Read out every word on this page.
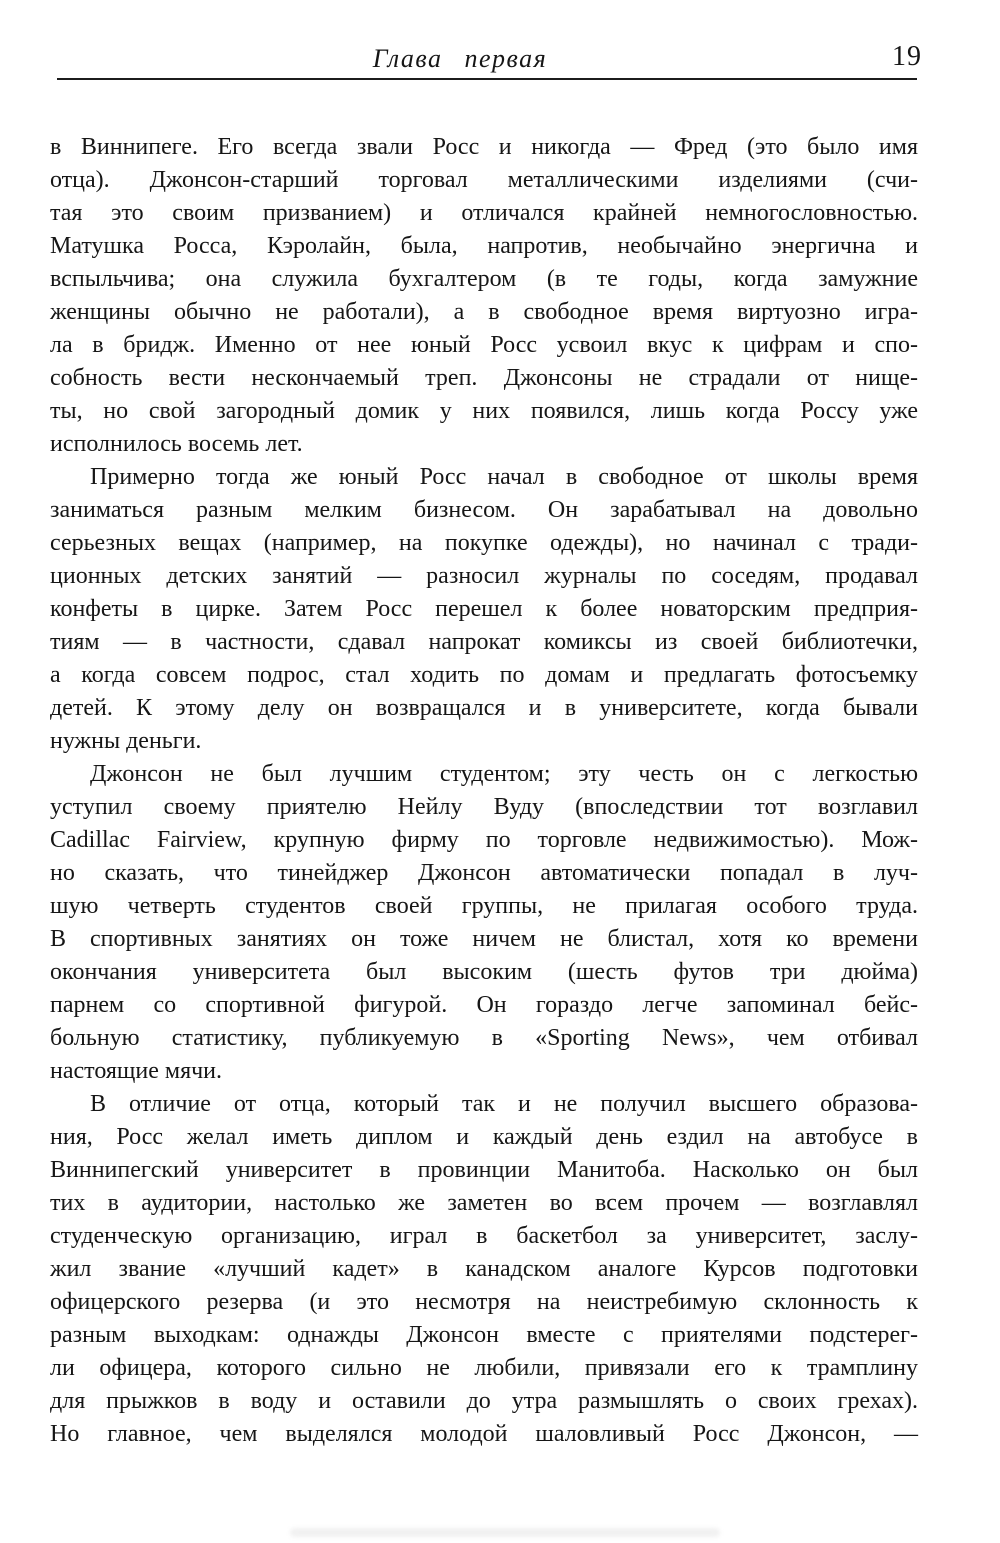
Глава первая	19
в Виннипеге. Его всегда звали Росс и никогда — Фред (это было имя
отца). Джонсон-старший торговал металлическими изделиями (счи-
тая это своим призванием) и отличался крайней немногословностью.
Матушка Росса, Кэролайн, была, напротив, необычайно энергична и
вспыльчива; она служила бухгалтером (в те годы, когда замужние
женщины обычно не работали), а в свободное время виртуозно игра-
ла в бридж. Именно от нее юный Росс усвоил вкус к цифрам и спо-
собность вести нескончаемый треп. Джонсоны не страдали от нище-
ты, но свой загородный домик у них появился, лишь когда Россу уже
исполнилось восемь лет.
Примерно тогда же юный Росс начал в свободное от школы время
заниматься разным мелким бизнесом. Он зарабатывал на довольно
серьезных вещах (например, на покупке одежды), но начинал с тради-
ционных детских занятий — разносил журналы по соседям, продавал
конфеты в цирке. Затем Росс перешел к более новаторским предприя-
тиям — в частности, сдавал напрокат комиксы из своей библиотечки,
а когда совсем подрос, стал ходить по домам и предлагать фотосъемку
детей. К этому делу он возвращался и в университете, когда бывали
нужны деньги.
Джонсон не был лучшим студентом; эту честь он с легкостью
уступил своему приятелю Нейлу Вуду (впоследствии тот возглавил
Cadillac Fairview, крупную фирму по торговле недвижимостью). Мож-
но сказать, что тинейджер Джонсон автоматически попадал в луч-
шую четверть студентов своей группы, не прилагая особого труда.
В спортивных занятиях он тоже ничем не блистал, хотя ко времени
окончания университета был высоким (шесть футов три дюйма)
парнем со спортивной фигурой. Он гораздо легче запоминал бейс-
больную статистику, публикуемую в «Sporting News», чем отбивал
настоящие мячи.
В отличие от отца, который так и не получил высшего образова-
ния, Росс желал иметь диплом и каждый день ездил на автобусе в
Виннипегский университет в провинции Манитоба. Насколько он был
тих в аудитории, настолько же заметен во всем прочем — возглавлял
студенческую организацию, играл в баскетбол за университет, заслу-
жил звание «лучший кадет» в канадском аналоге Курсов подготовки
офицерского резерва (и это несмотря на неистребимую склонность к
разным выходкам: однажды Джонсон вместе с приятелями подстерег-
ли офицера, которого сильно не любили, привязали его к трамплину
для прыжков в воду и оставили до утра размышлять о своих грехах).
Но главное, чем выделялся молодой шаловливый Росс Джонсон, —
